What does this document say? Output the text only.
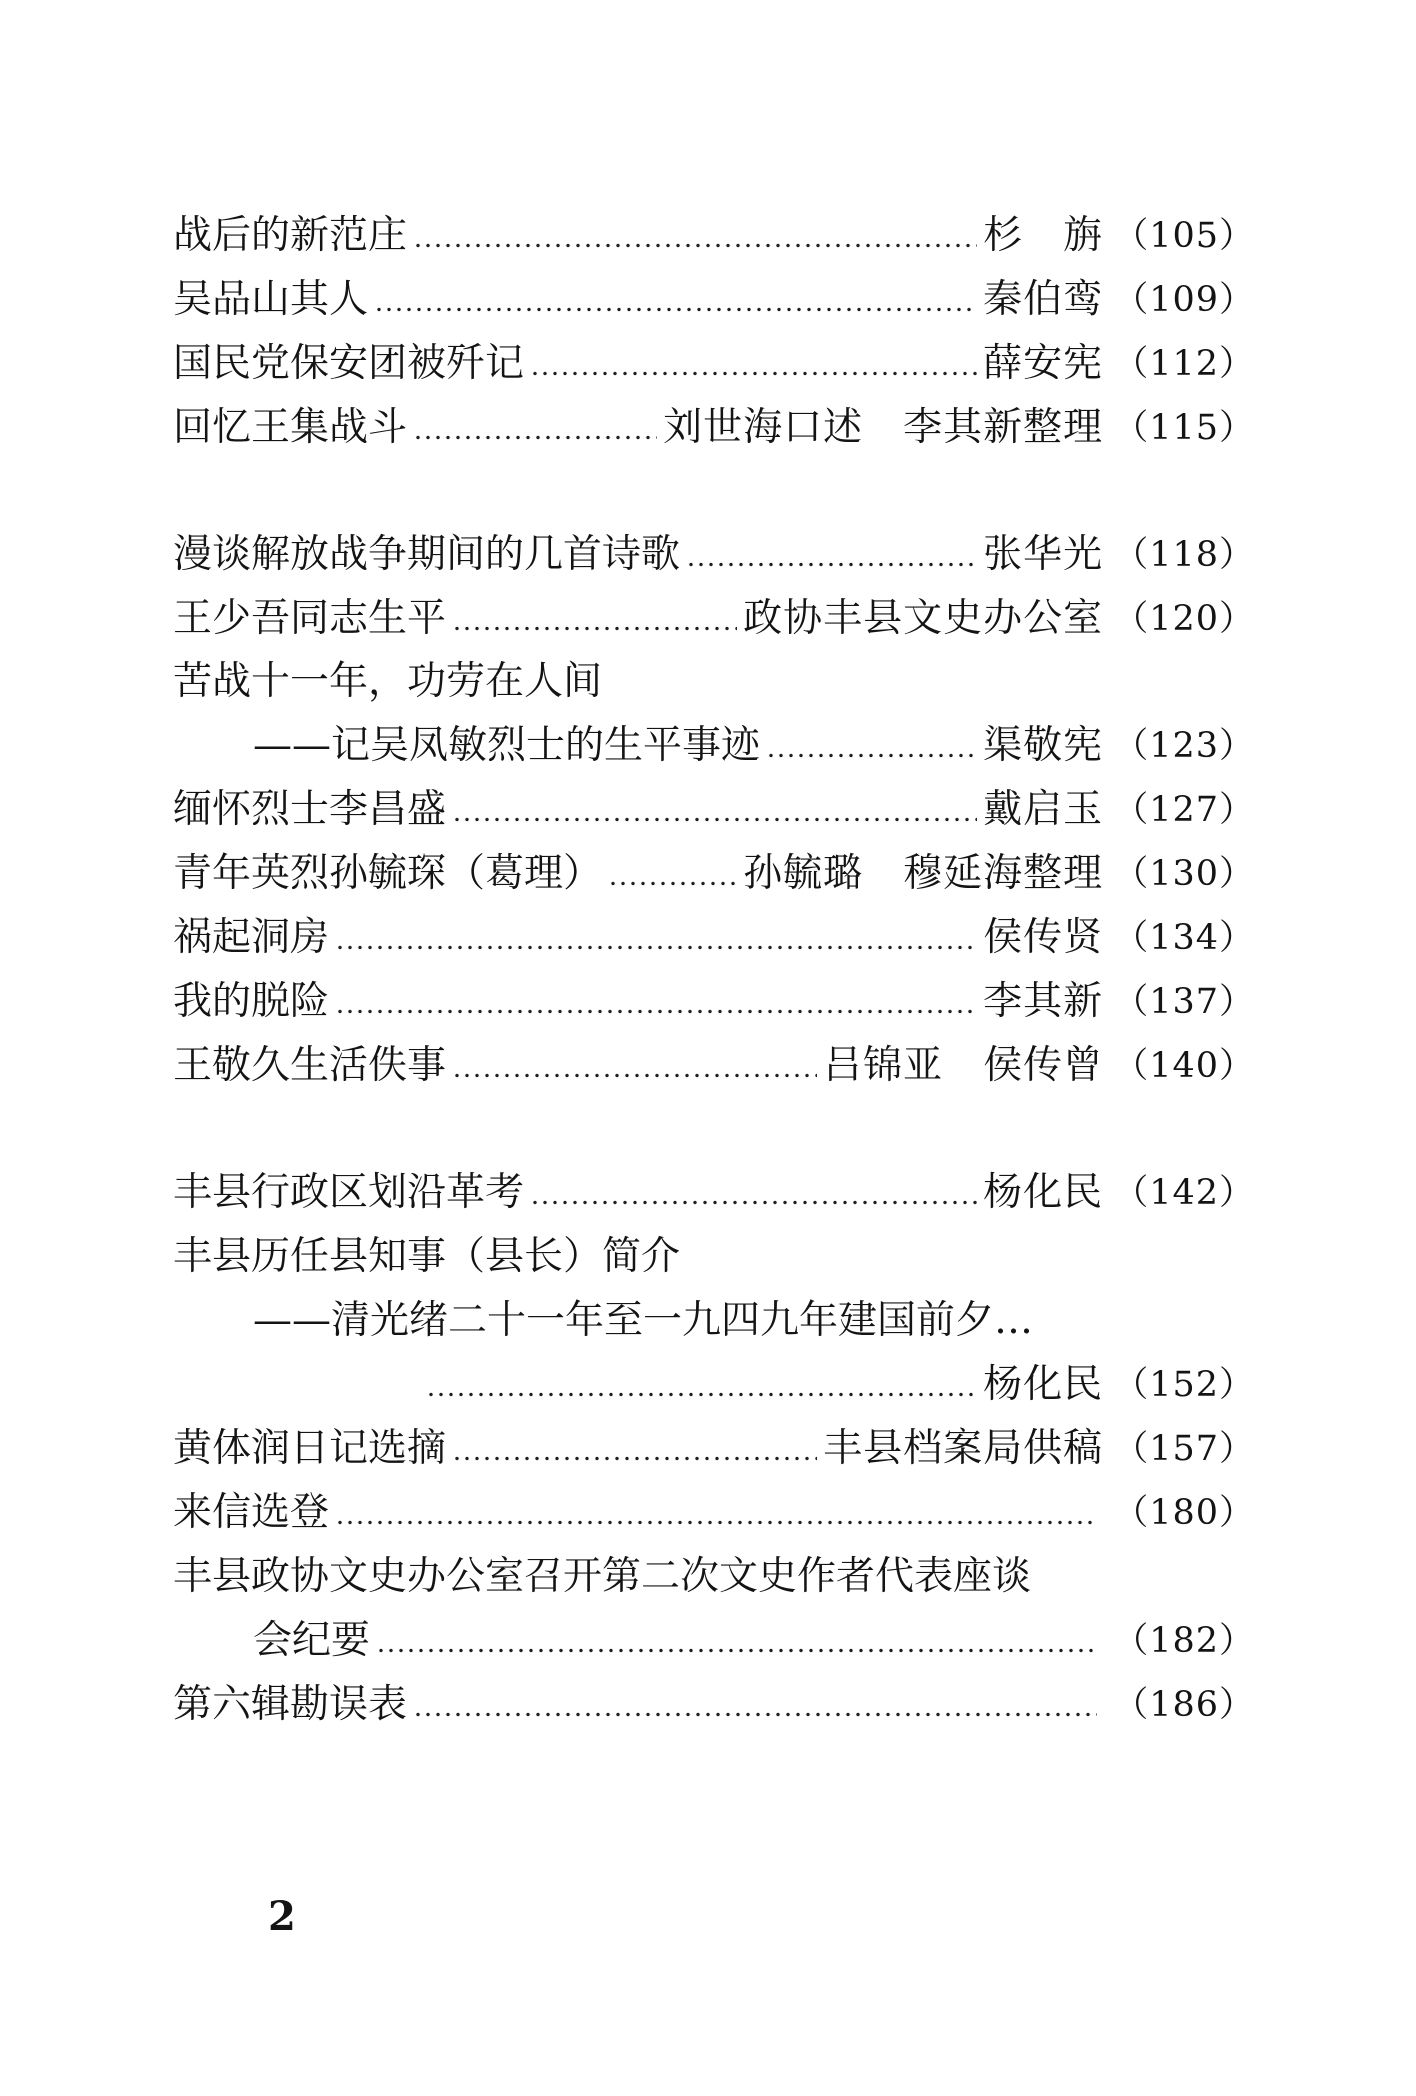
战后的新范庄	杉　旃 （105）
吴品山其人	秦伯鸾 （109）
国民党保安团被歼记	薛安宪 （112）
回忆王集战斗	刘世海口述　李其新整理 （115）
漫谈解放战争期间的几首诗歌	张华光 （118）
王少吾同志生平	政协丰县文史办公室 （120）
苦战十一年，功劳在人间
——记吴凤敏烈士的生平事迹	渠敬宪 （123）
缅怀烈士李昌盛	戴启玉 （127）
青年英烈孙毓琛（葛理）	孙毓璐　穆延海整理 （130）
祸起洞房	侯传贤 （134）
我的脱险	李其新 （137）
王敬久生活佚事	吕锦亚　侯传曾 （140）
丰县行政区划沿革考	杨化民 （142）
丰县历任县知事（县长）简介
——清光绪二十一年至一九四九年建国前夕…
杨化民 （152）
黄体润日记选摘	丰县档案局供稿 （157）
来信选登	（180）
丰县政协文史办公室召开第二次文史作者代表座谈
会纪要	（182）
第六辑勘误表	（186）
2
